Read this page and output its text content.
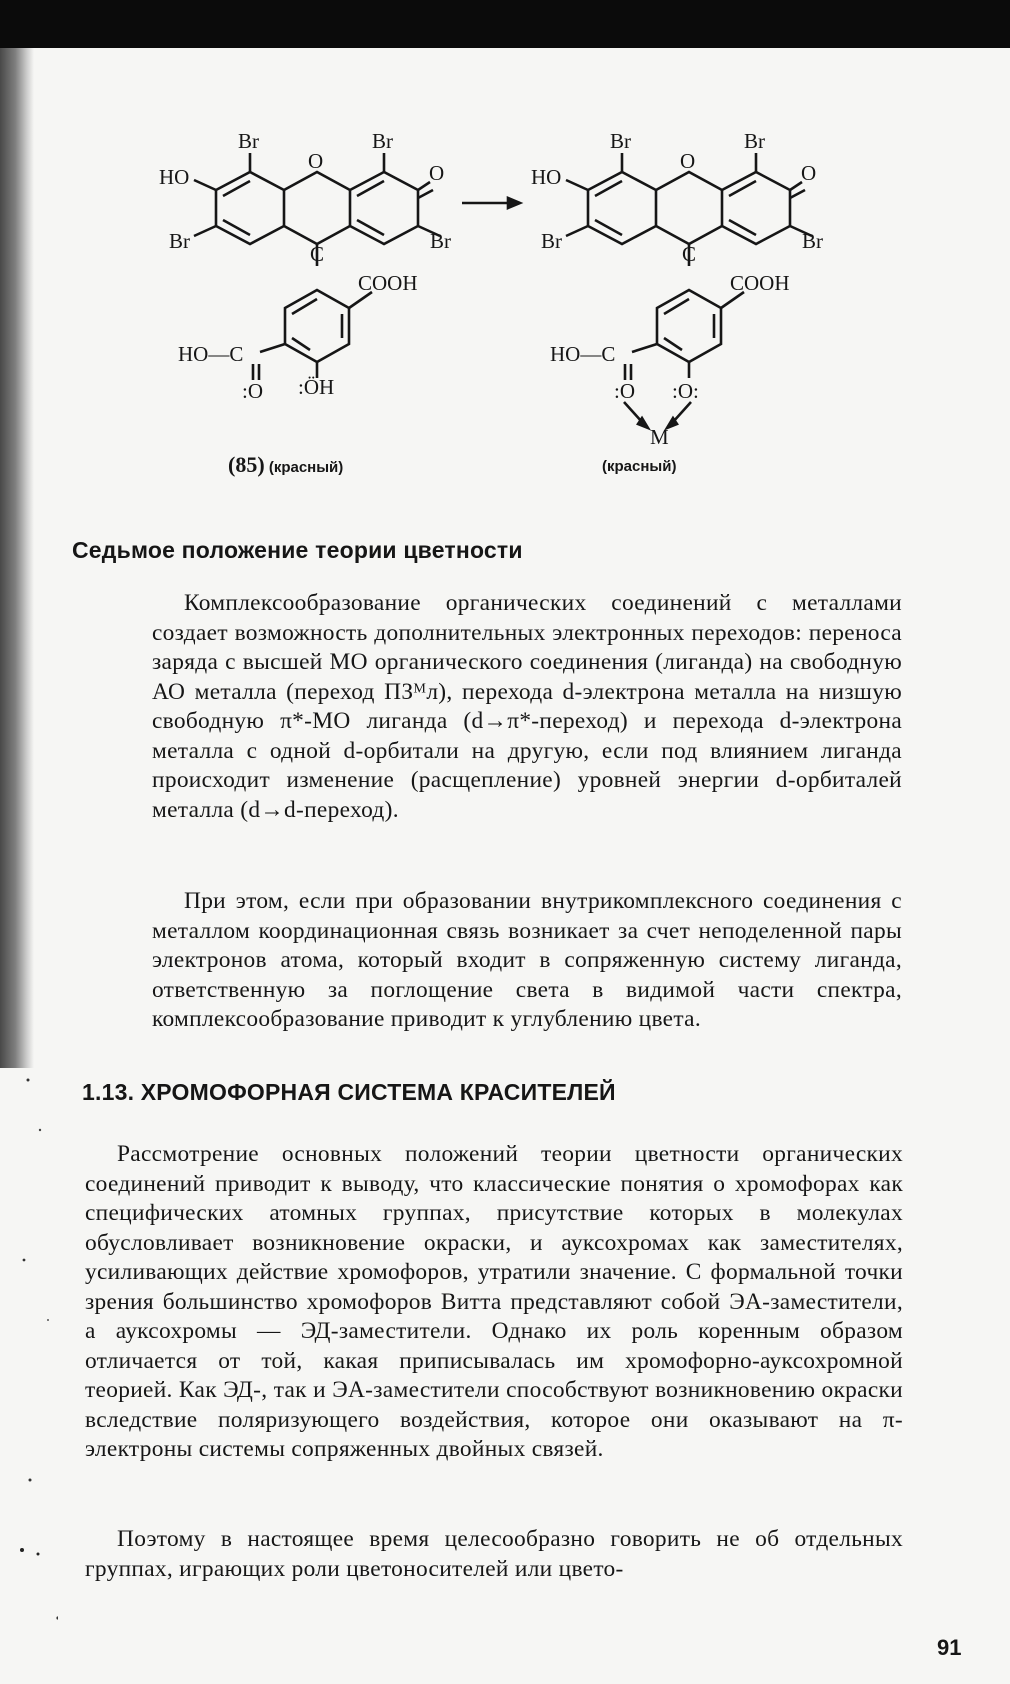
Br	Br
O	O
HO
Br	Br
C
COOH
HO—C
:O :ÖH
Br	Br
O	O
HO
Br	Br
C
COOH
HO—C
:O :O:
M
(85) (красный)	(красный)
Седьмое положение теории цветности

Комплексообразование органических соединений с металлами создает возможность дополнительных электронных переходов: переноса заряда с высшей МО органического соединения (лиганда) на свободную АО металла (переход ПЗᴹл), перехода d-электрона металла на низшую свободную π*-МО лиганда (d→π*-переход) и перехода d-электрона металла с одной d-орбитали на другую, если под влиянием лиганда происходит изменение (расщепление) уровней энергии d-орбиталей металла (d→d-переход).

При этом, если при образовании внутрикомплексного соединения с металлом координационная связь возникает за счет неподеленной пары электронов атома, который входит в сопряженную систему лиганда, ответственную за поглощение света в видимой части спектра, комплексообразование приводит к углублению цвета.

1.13. ХРОМОФОРНАЯ СИСТЕМА КРАСИТЕЛЕЙ

Рассмотрение основных положений теории цветности органических соединений приводит к выводу, что классические понятия о хромофорах как специфических атомных группах, присутствие которых в молекулах обусловливает возникновение окраски, и ауксохромах как заместителях, усиливающих действие хромофоров, утратили значение. С формальной точки зрения большинство хромофоров Витта представляют собой ЭА-заместители, а ауксохромы — ЭД-заместители. Однако их роль коренным образом отличается от той, какая приписывалась им хромофорно-ауксохромной теорией. Как ЭД-, так и ЭА-заместители способствуют возникновению окраски вследствие поляризующего воздействия, которое они оказывают на π-электроны системы сопряженных двойных связей.

Поэтому в настоящее время целесообразно говорить не об отдельных группах, играющих роли цветоносителей или цвето-

91
